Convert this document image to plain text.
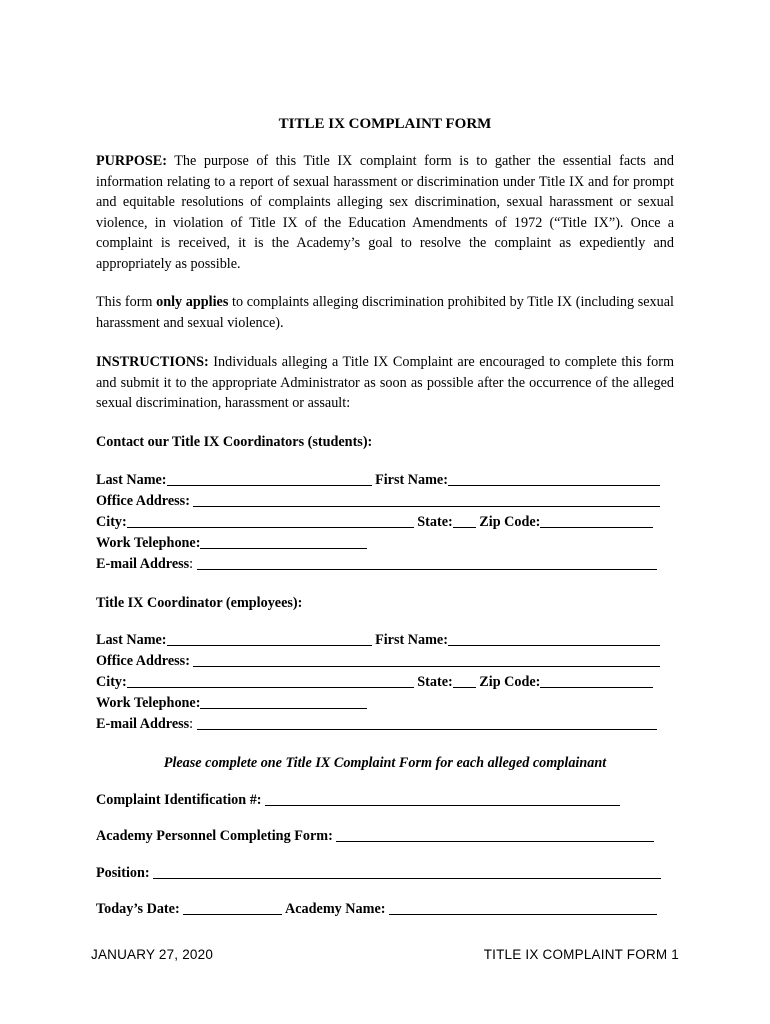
TITLE IX COMPLAINT FORM

PURPOSE: The purpose of this Title IX complaint form is to gather the essential facts and information relating to a report of sexual harassment or discrimination under Title IX and for prompt and equitable resolutions of complaints alleging sex discrimination, sexual harassment or sexual violence, in violation of Title IX of the Education Amendments of 1972 (“Title IX”). Once a complaint is received, it is the Academy’s goal to resolve the complaint as expediently and appropriately as possible.

This form only applies to complaints alleging discrimination prohibited by Title IX (including sexual harassment and sexual violence).

INSTRUCTIONS: Individuals alleging a Title IX Complaint are encouraged to complete this form and submit it to the appropriate Administrator as soon as possible after the occurrence of the alleged sexual discrimination, harassment or assault:

Contact our Title IX Coordinators (students):
Last Name:	First Name:
Office Address:
City:	State: Zip Code:
Work Telephone:
E-mail Address :
Title IX Coordinator (employees):
Last Name:	First Name:
Office Address:
City:	State: Zip Code:
Work Telephone:
E-mail Address :
Please complete one Title IX Complaint Form for each alleged complainant
Complaint Identification #:
Academy Personnel Completing Form:
Position:
Today’s Date:	Academy Name:
JANUARY 27, 2020	TITLE IX COMPLAINT FORM 1
